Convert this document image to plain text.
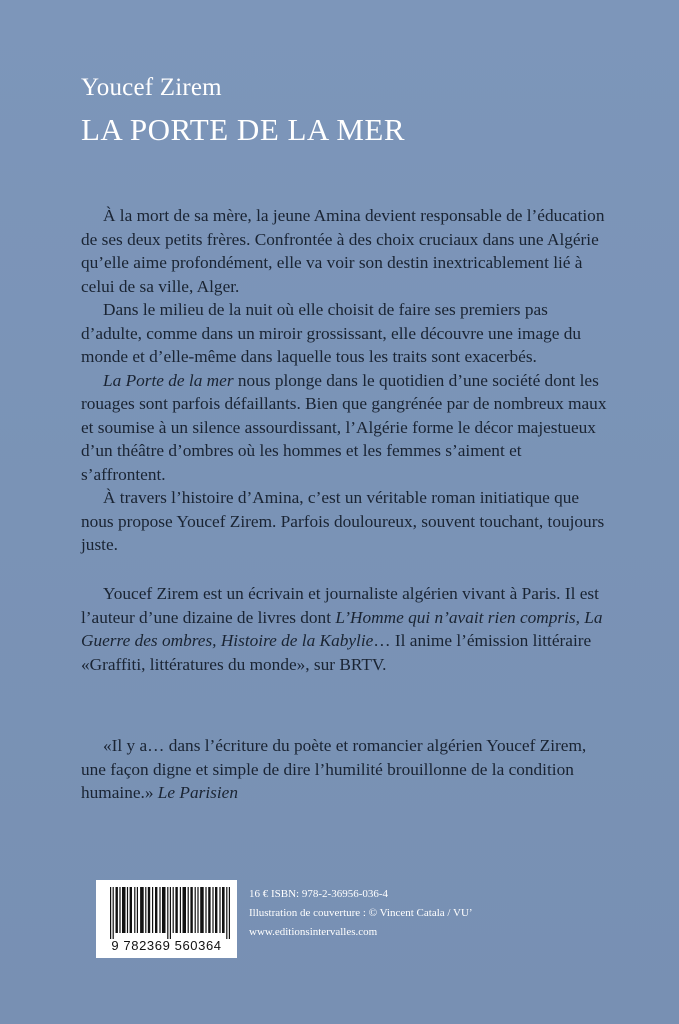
Youcef Zirem
LA PORTE DE LA MER

À la mort de sa mère, la jeune Amina devient responsable de l’éducation de ses deux petits frères. Confrontée à des choix cruciaux dans une Algérie qu’elle aime profondément, elle va voir son destin inextricablement lié à celui de sa ville, Alger.

Dans le milieu de la nuit où elle choisit de faire ses premiers pas d’adulte, comme dans un miroir grossissant, elle découvre une image du monde et d’elle-même dans laquelle tous les traits sont exacerbés.

La Porte de la mer nous plonge dans le quotidien d’une société dont les rouages sont parfois défaillants. Bien que gangrénée par de nombreux maux et soumise à un silence assourdissant, l’Algérie forme le décor majestueux d’un théâtre d’ombres où les hommes et les femmes s’aiment et s’affrontent.

À travers l’histoire d’Amina, c’est un véritable roman initiatique que nous propose Youcef Zirem. Parfois douloureux, souvent touchant, toujours juste.

Youcef Zirem est un écrivain et journaliste algérien vivant à Paris. Il est l’auteur d’une dizaine de livres dont L’Homme qui n’avait rien compris, La Guerre des ombres, Histoire de la Kabylie… Il anime l’émission littéraire «Graffiti, littératures du monde», sur BRTV.

«Il y a… dans l’écriture du poète et romancier algérien Youcef Zirem, une façon digne et simple de dire l’humilité brouillonne de la condition humaine.» Le Parisien

9 782369 560364
16 € ISBN: 978-2-36956-036-4
Illustration de couverture : © Vincent Catala / VU’
www.editionsintervalles.com
